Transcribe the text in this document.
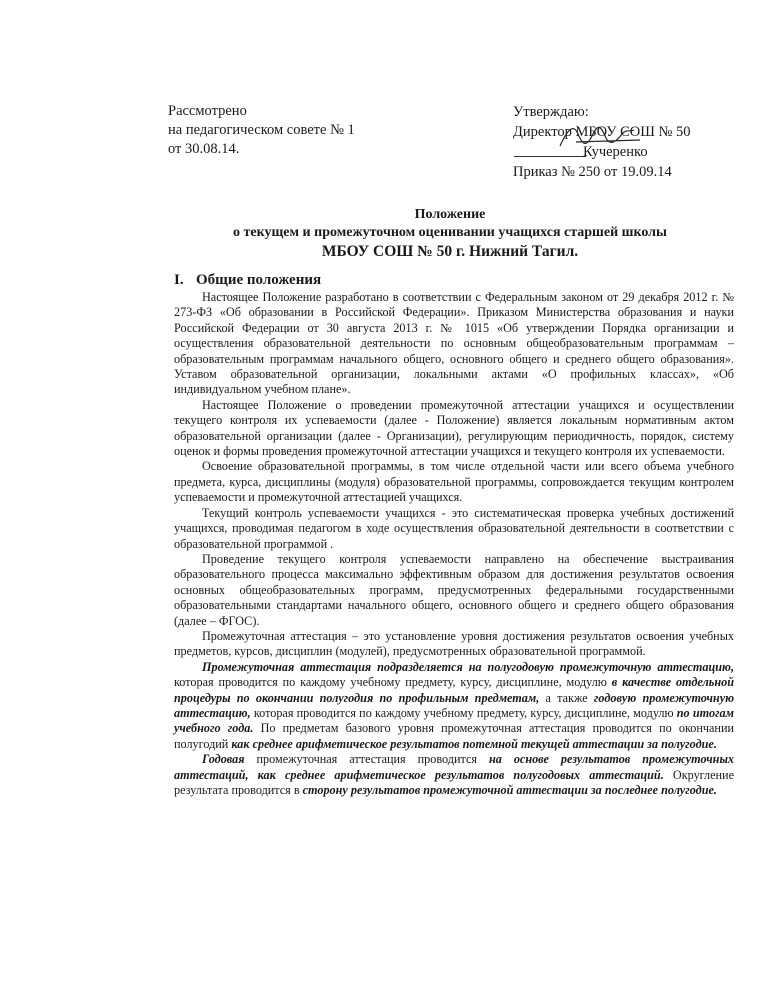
Рассмотрено
на педагогическом совете № 1
от 30.08.14.
Утверждаю:
Директор МБОУ СОШ № 50
Кучеренко
Приказ № 250 от 19.09.14
Положение
о текущем и промежуточном оценивании учащихся старшей школы
МБОУ СОШ № 50 г. Нижний Тагил.
I. Общие положения

Настоящее Положение разработано в соответствии с Федеральным законом от 29 декабря 2012 г. № 273-ФЗ «Об образовании в Российской Федерации». Приказом Министерства образования и науки Российской Федерации от 30 августа 2013 г. № 1015 «Об утверждении Порядка организации и осуществления образовательной деятельности по основным общеобразовательным программам – образовательным программам начального общего, основного общего и среднего общего образования». Уставом образовательной организации, локальными актами «О профильных классах», «Об индивидуальном учебном плане».

Настоящее Положение о проведении промежуточной аттестации учащихся и осуществлении текущего контроля их успеваемости (далее - Положение) является локальным нормативным актом образовательной организации (далее - Организации), регулирующим периодичность, порядок, систему оценок и формы проведения промежуточной аттестации учащихся и текущего контроля их успеваемости.

Освоение образовательной программы, в том числе отдельной части или всего объема учебного предмета, курса, дисциплины (модуля) образовательной программы, сопровождается текущим контролем успеваемости и промежуточной аттестацией учащихся.

Текущий контроль успеваемости учащихся - это систематическая проверка учебных достижений учащихся, проводимая педагогом в ходе осуществления образовательной деятельности в соответствии с образовательной программой .

Проведение текущего контроля успеваемости направлено на обеспечение выстраивания образовательного процесса максимально эффективным образом для достижения результатов освоения основных общеобразовательных программ, предусмотренных федеральными государственными образовательными стандартами начального общего, основного общего и среднего общего образования (далее – ФГОС).

Промежуточная аттестация – это установление уровня достижения результатов освоения учебных предметов, курсов, дисциплин (модулей), предусмотренных образовательной программой.

Промежуточная аттестация подразделяется на полугодовую промежуточную аттестацию, которая проводится по каждому учебному предмету, курсу, дисциплине, модулю в качестве отдельной процедуры по окончании полугодия по профильным предметам, а также годовую промежуточную аттестацию, которая проводится по каждому учебному предмету, курсу, дисциплине, модулю по итогам учебного года. По предметам базового уровня промежуточная аттестация проводится по окончании полугодий как среднее арифметическое результатов потемной текущей аттестации за полугодие.

Годовая промежуточная аттестация проводится на основе результатов промежуточных аттестаций, как среднее арифметическое результатов полугодовых аттестаций. Округление результата проводится в сторону результатов промежуточной аттестации за последнее полугодие.
